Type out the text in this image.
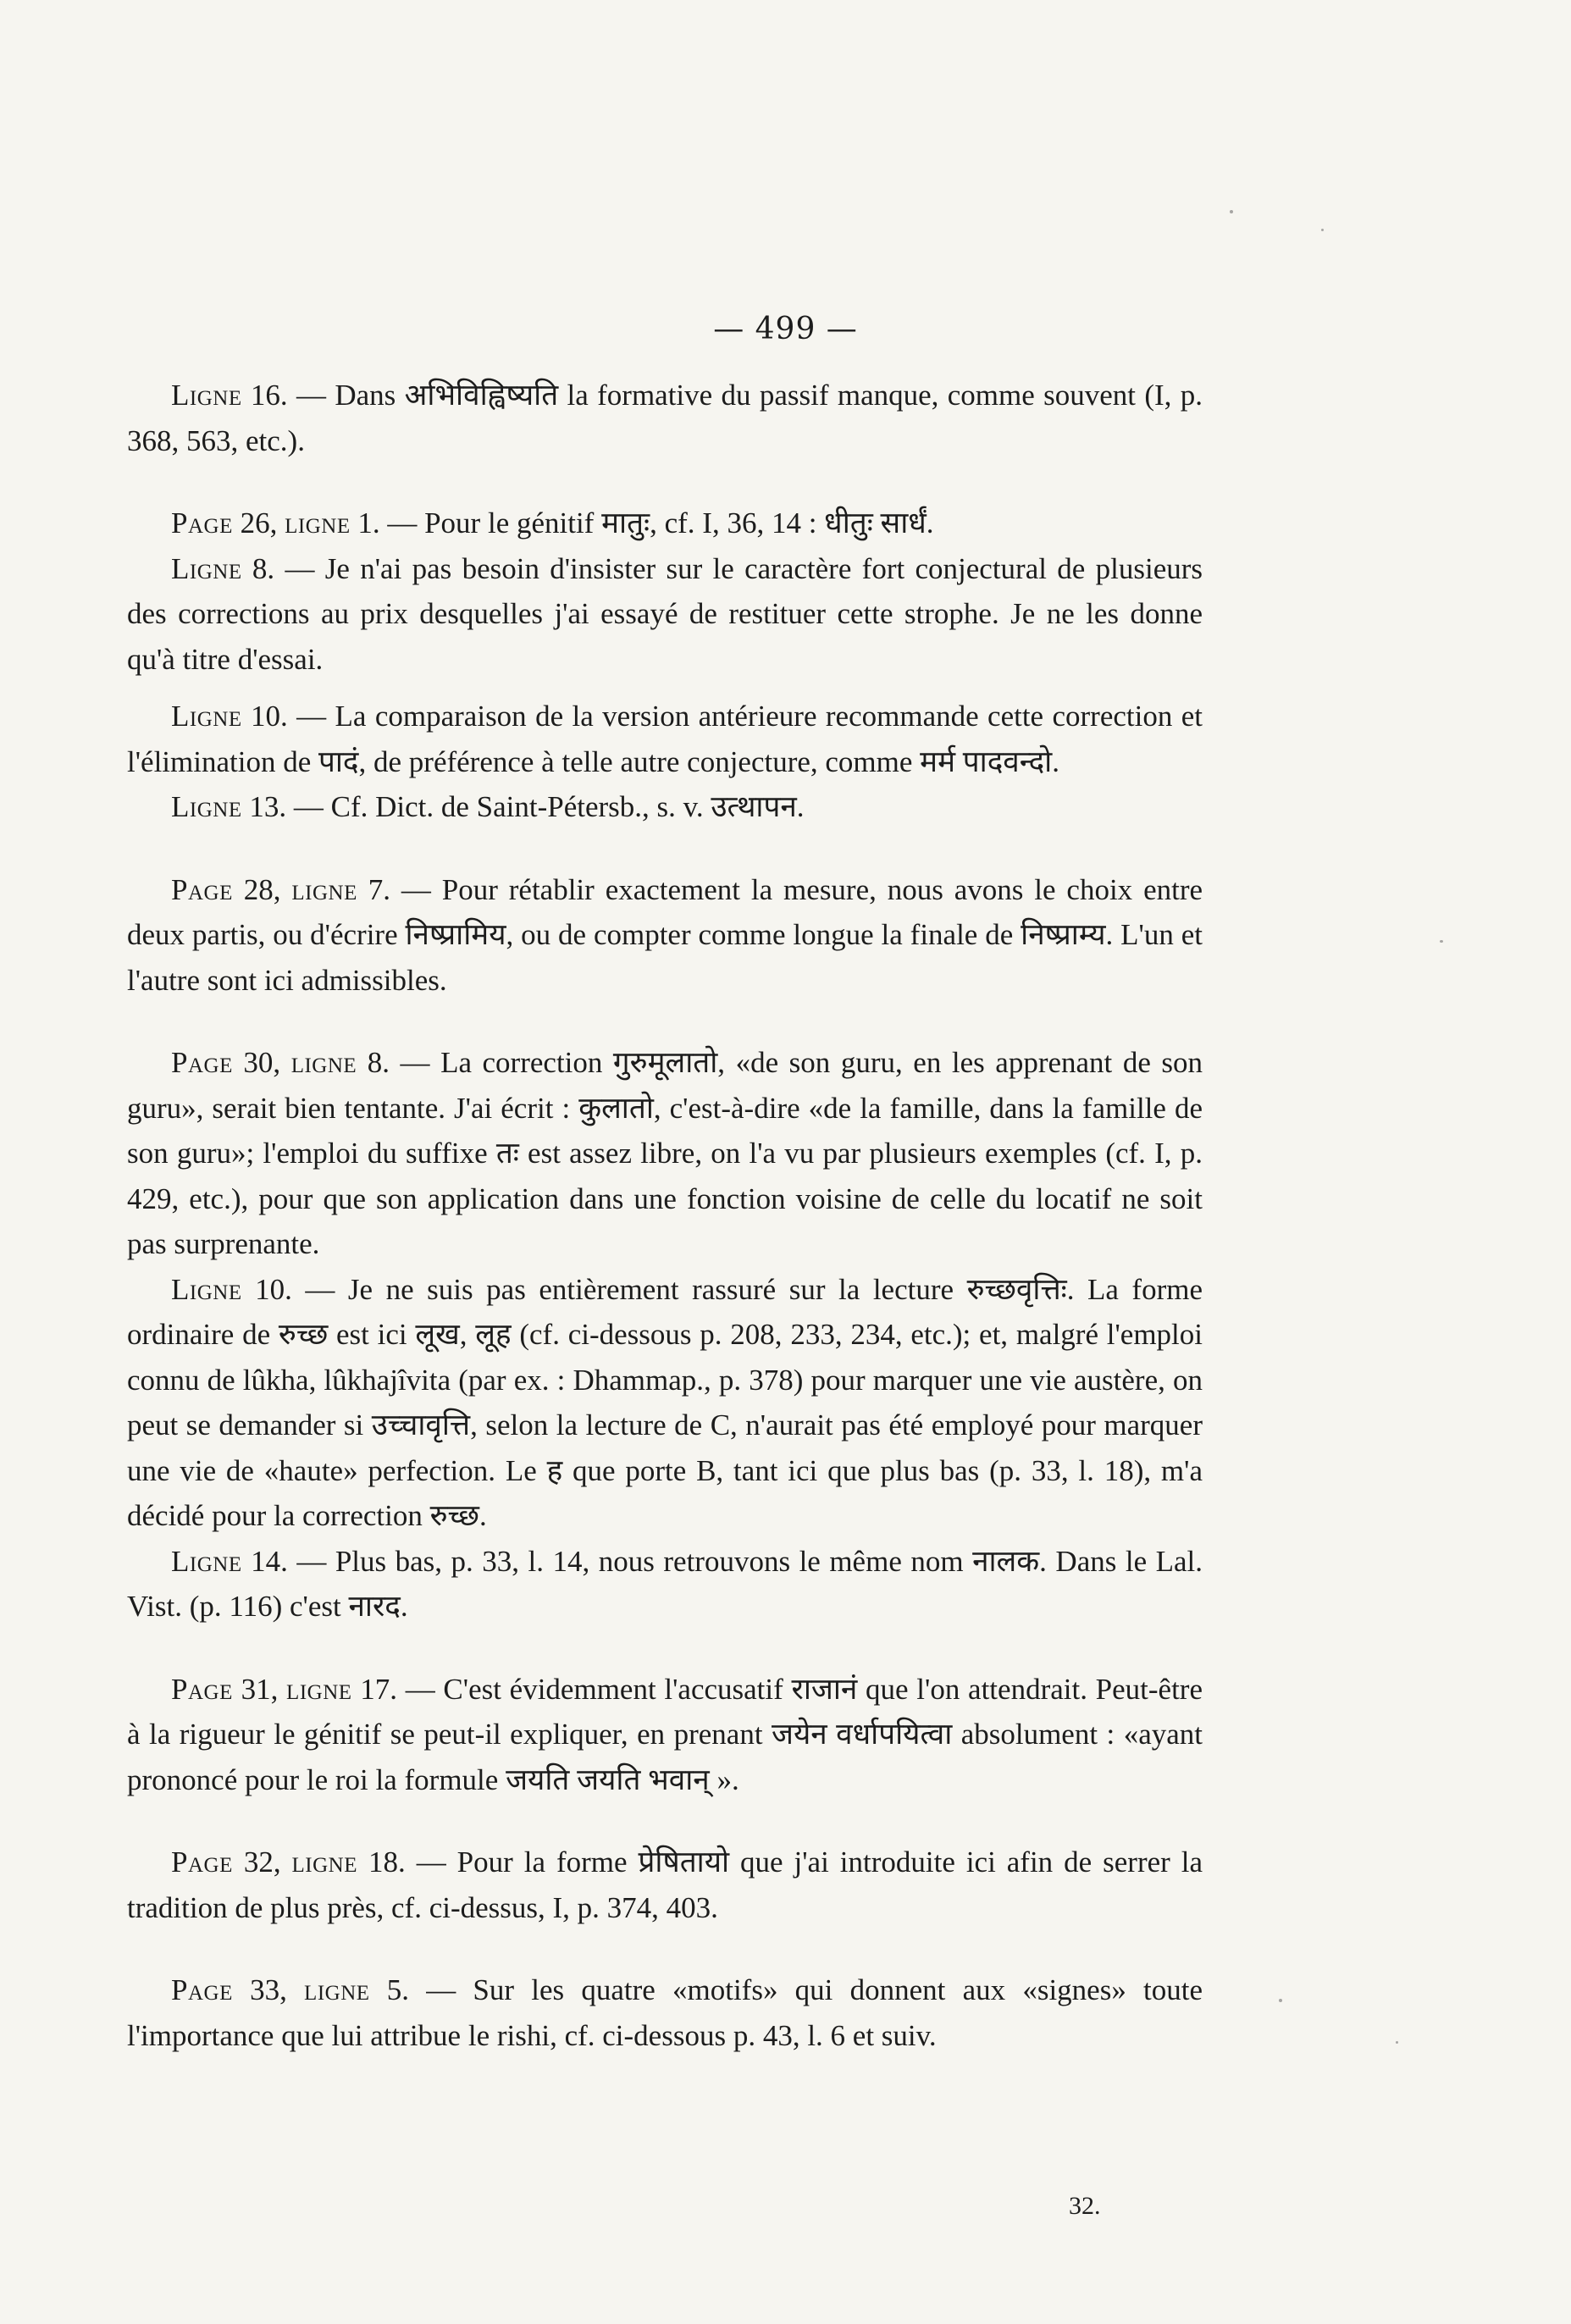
— 499 —

Ligne 16. — Dans अभिविह्विष्यति la formative du passif manque, comme souvent (I, p. 368, 563, etc.).

Page 26, ligne 1. — Pour le génitif मातुः, cf. I, 36, 14 : धीतुः सार्धं.

Ligne 8. — Je n'ai pas besoin d'insister sur le caractère fort conjectural de plusieurs des corrections au prix desquelles j'ai essayé de restituer cette strophe. Je ne les donne qu'à titre d'essai.

Ligne 10. — La comparaison de la version antérieure recommande cette correction et l'élimination de पादं, de préférence à telle autre conjecture, comme मर्म पादवन्दो.

Ligne 13. — Cf. Dict. de Saint-Pétersb., s. v. उत्थापन.

Page 28, ligne 7. — Pour rétablir exactement la mesure, nous avons le choix entre deux partis, ou d'écrire निष्प्रामिय, ou de compter comme longue la finale de निष्प्राम्य. L'un et l'autre sont ici admissibles.

Page 30, ligne 8. — La correction गुरुमूलातो, «de son guru, en les apprenant de son guru», serait bien tentante. J'ai écrit : कुलातो, c'est-à-dire «de la famille, dans la famille de son guru»; l'emploi du suffixe तः est assez libre, on l'a vu par plusieurs exemples (cf. I, p. 429, etc.), pour que son application dans une fonction voisine de celle du locatif ne soit pas surprenante.

Ligne 10. — Je ne suis pas entièrement rassuré sur la lecture रुच्छवृत्तिः. La forme ordinaire de रुच्छ est ici लूख, लूह (cf. ci-dessous p. 208, 233, 234, etc.); et, malgré l'emploi connu de lûkha, lûkhajîvita (par ex. : Dhammap., p. 378) pour marquer une vie austère, on peut se demander si उच्चावृत्ति, selon la lecture de C, n'aurait pas été employé pour marquer une vie de «haute» perfection. Le ह que porte B, tant ici que plus bas (p. 33, l. 18), m'a décidé pour la correction रुच्छ.

Ligne 14. — Plus bas, p. 33, l. 14, nous retrouvons le même nom नालक. Dans le Lal. Vist. (p. 116) c'est नारद.

Page 31, ligne 17. — C'est évidemment l'accusatif राजानं que l'on attendrait. Peut-être à la rigueur le génitif se peut-il expliquer, en prenant जयेन वर्धापयित्वा absolument : «ayant prononcé pour le roi la formule जयति जयति भवान् ».

Page 32, ligne 18. — Pour la forme प्रेषितायो que j'ai introduite ici afin de serrer la tradition de plus près, cf. ci-dessus, I, p. 374, 403.

Page 33, ligne 5. — Sur les quatre «motifs» qui donnent aux «signes» toute l'importance que lui attribue le rishi, cf. ci-dessous p. 43, l. 6 et suiv.

32.
